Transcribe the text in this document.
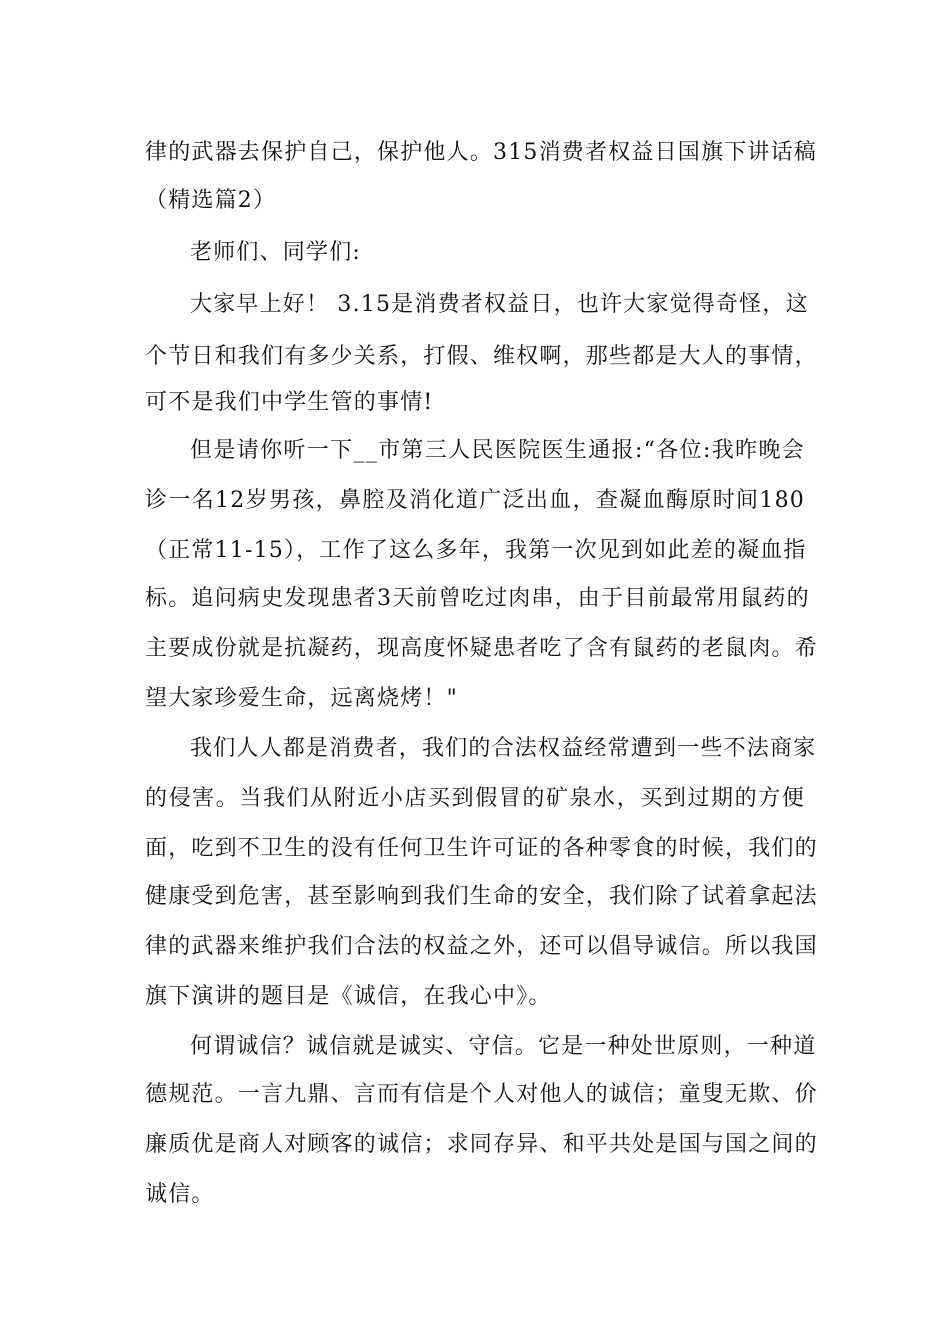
律的武器去保护自己，保护他人。315消费者权益日国旗下讲话稿
（精选篇2）
老师们、同学们:
大家早上好！ 3.15是消费者权益日，也许大家觉得奇怪，这
个节日和我们有多少关系，打假、维权啊，那些都是大人的事情，
可不是我们中学生管的事情!
但是请你听一下__市第三人民医院医生通报:“各位:我昨晚会
诊一名12岁男孩，鼻腔及消化道广泛出血，查凝血酶原时间180
（正常11-15），工作了这么多年，我第一次见到如此差的凝血指
标。追问病史发现患者3天前曾吃过肉串，由于目前最常用鼠药的
主要成份就是抗凝药，现高度怀疑患者吃了含有鼠药的老鼠肉。希
望大家珍爱生命，远离烧烤！"
我们人人都是消费者，我们的合法权益经常遭到一些不法商家
的侵害。当我们从附近小店买到假冒的矿泉水，买到过期的方便
面，吃到不卫生的没有任何卫生许可证的各种零食的时候，我们的
健康受到危害，甚至影响到我们生命的安全，我们除了试着拿起法
律的武器来维护我们合法的权益之外，还可以倡导诚信。所以我国
旗下演讲的题目是《诚信，在我心中》。
何谓诚信？诚信就是诚实、守信。它是一种处世原则，一种道
德规范。一言九鼎、言而有信是个人对他人的诚信；童叟无欺、价
廉质优是商人对顾客的诚信；求同存异、和平共处是国与国之间的
诚信。
